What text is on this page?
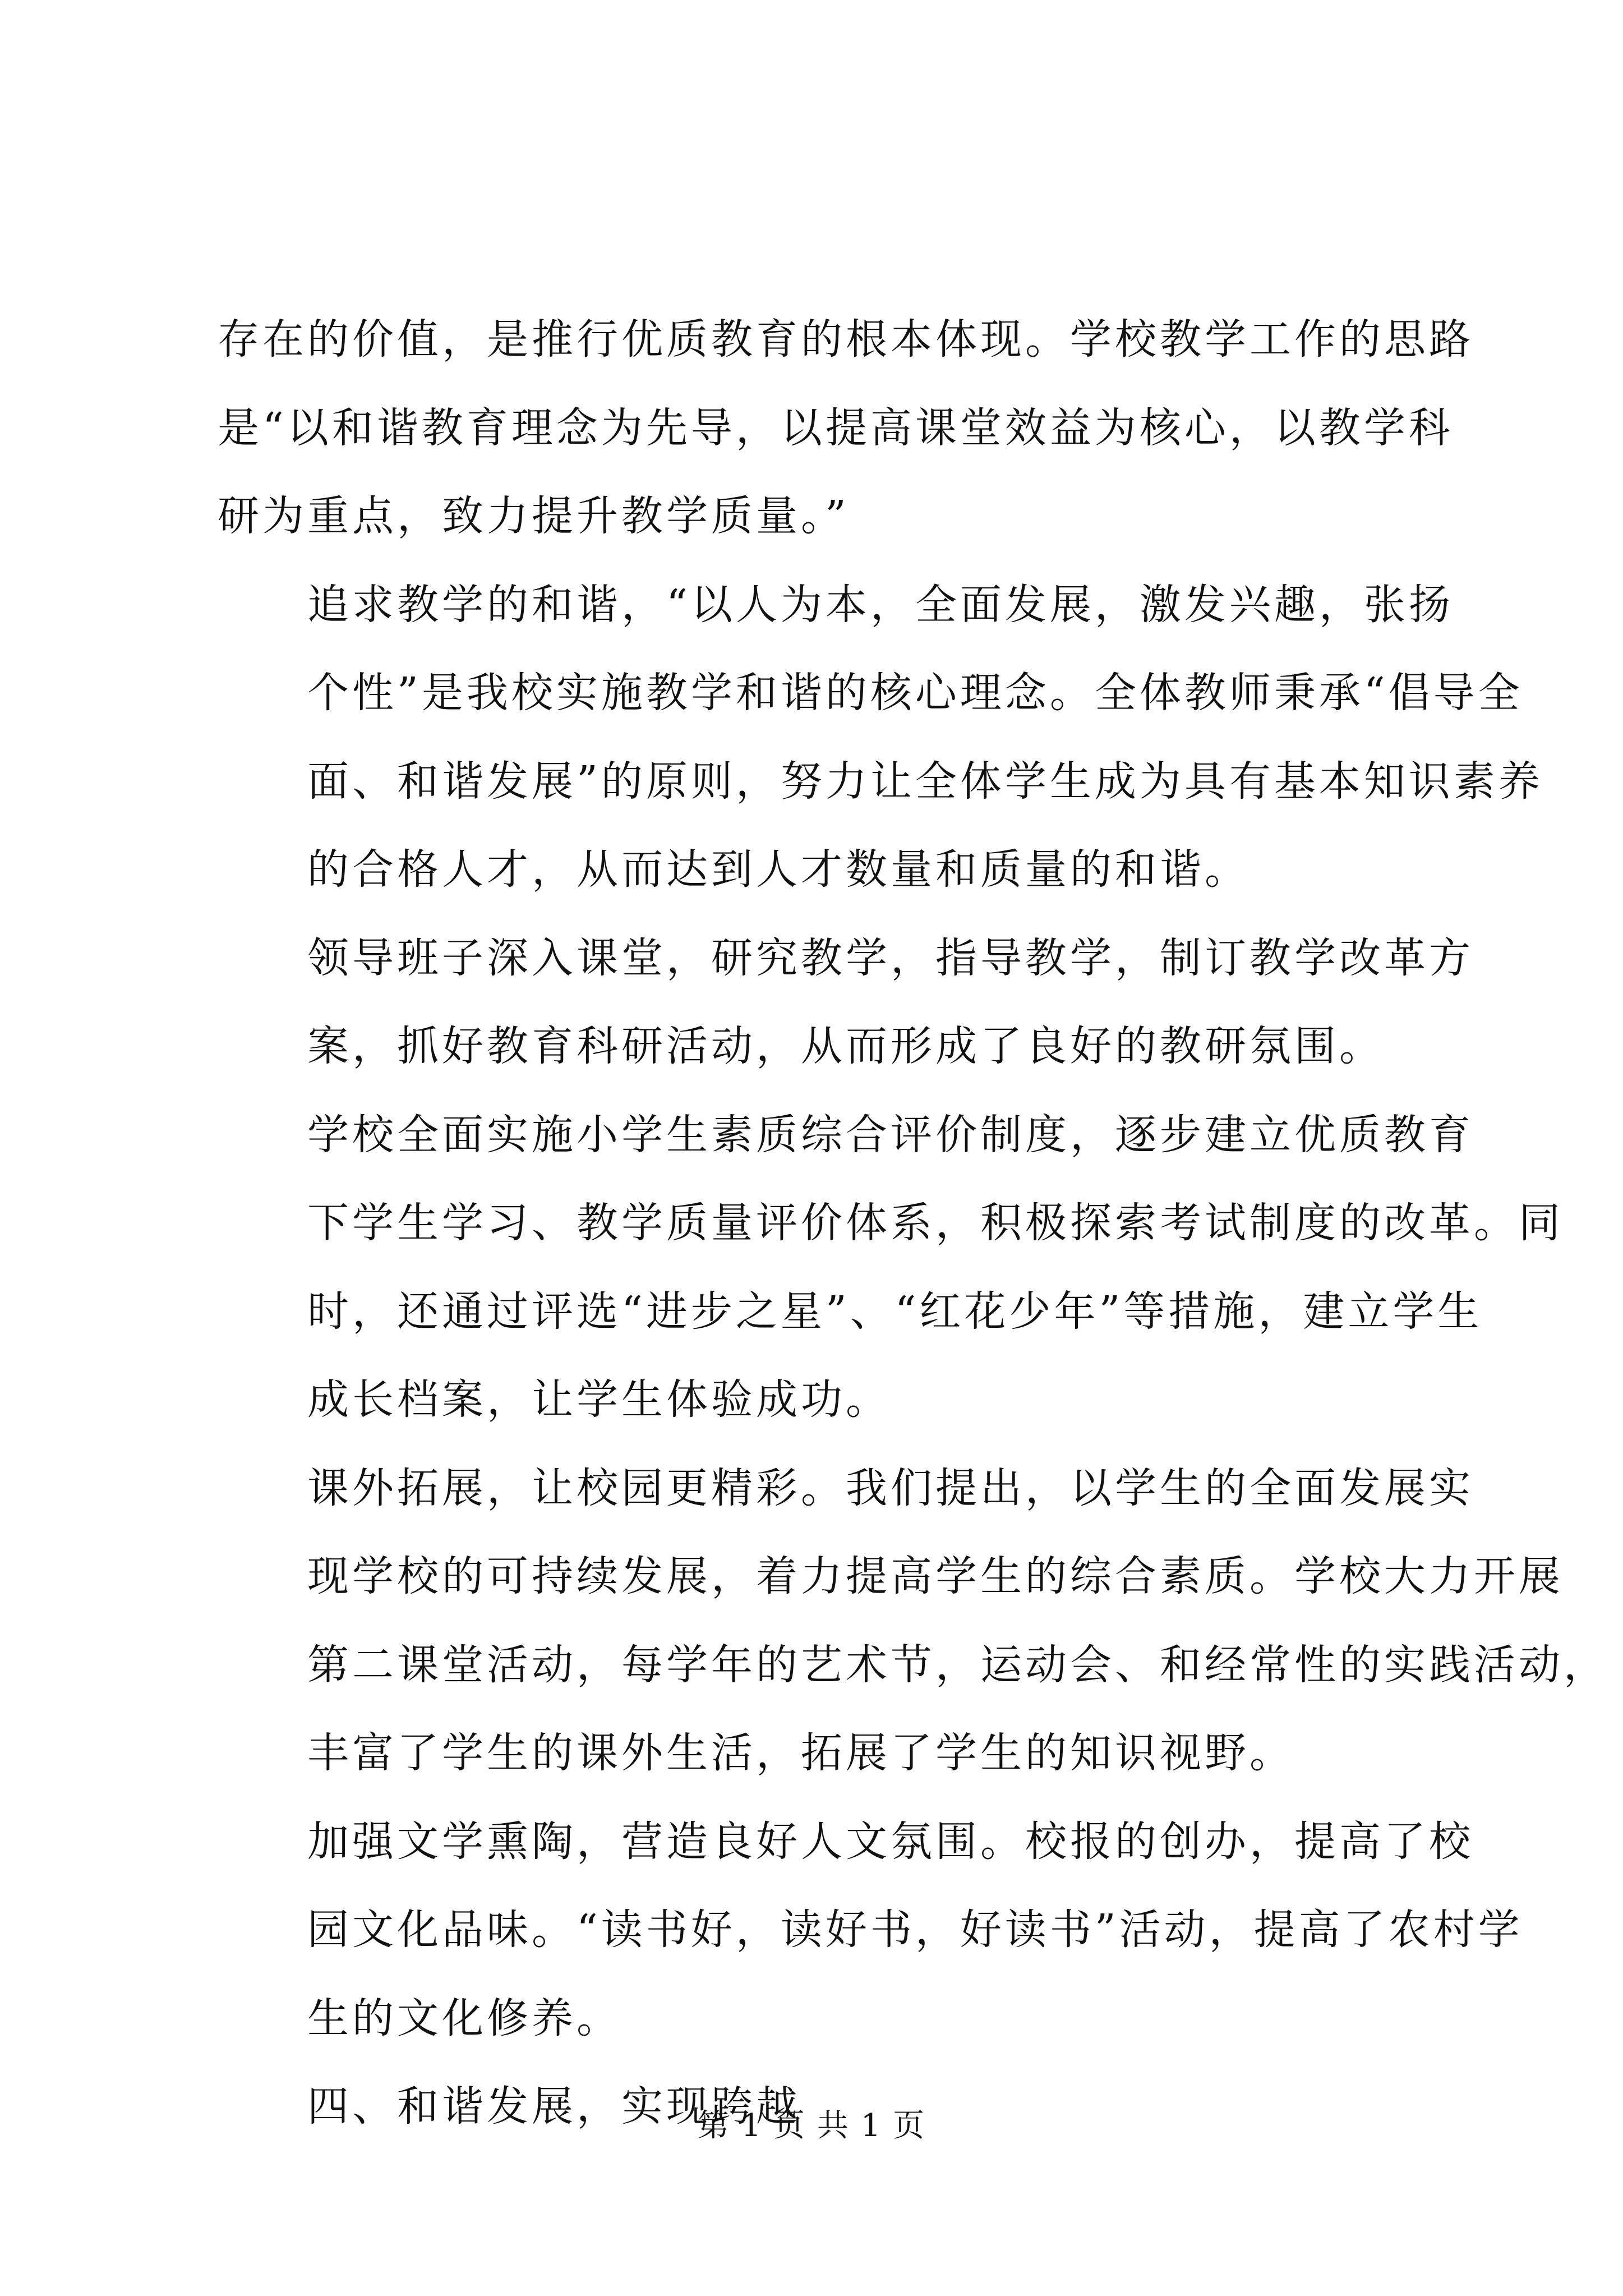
存在的价值，是推行优质教育的根本体现。学校教学工作的思路
是“以和谐教育理念为先导，以提高课堂效益为核心，以教学科
研为重点，致力提升教学质量。”

追求教学的和谐，“以人为本，全面发展，激发兴趣，张扬
个性”是我校实施教学和谐的核心理念。全体教师秉承“倡导全
面、和谐发展”的原则，努力让全体学生成为具有基本知识素养
的合格人才，从而达到人才数量和质量的和谐。

领导班子深入课堂，研究教学，指导教学，制订教学改革方
案，抓好教育科研活动，从而形成了良好的教研氛围。

学校全面实施小学生素质综合评价制度，逐步建立优质教育
下学生学习、教学质量评价体系，积极探索考试制度的改革。同
时，还通过评选“进步之星”、“红花少年”等措施，建立学生
成长档案，让学生体验成功。

课外拓展，让校园更精彩。我们提出，以学生的全面发展实
现学校的可持续发展，着力提高学生的综合素质。学校大力开展
第二课堂活动，每学年的艺术节，运动会、和经常性的实践活动，
丰富了学生的课外生活，拓展了学生的知识视野。

加强文学熏陶，营造良好人文氛围。校报的创办，提高了校
园文化品味。“读书好，读好书，好读书”活动，提高了农村学
生的文化修养。

四、和谐发展，实现跨越

第 1 页 共 1 页
